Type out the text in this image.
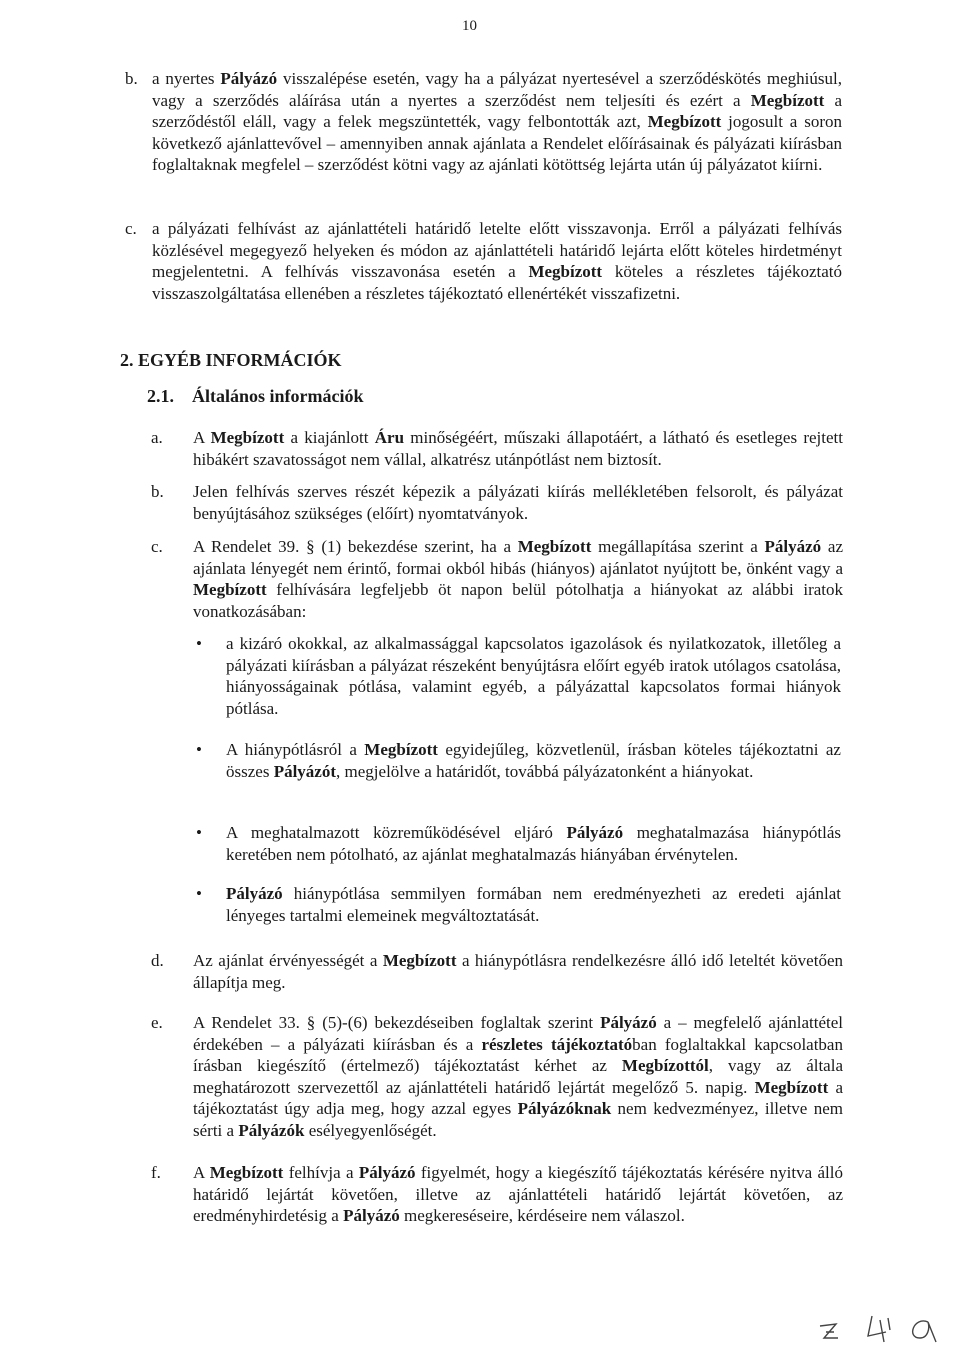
10
b. a nyertes Pályázó visszalépése esetén, vagy ha a pályázat nyertesével a szerződéskötés meghiúsul, vagy a szerződés aláírása után a nyertes a szerződést nem teljesíti és ezért a Megbízott a szerződéstől eláll, vagy a felek megszüntették, vagy felbontották azt, Megbízott jogosult a soron következő ajánlattevővel – amennyiben annak ajánlata a Rendelet előírásainak és pályázati kiírásban foglaltaknak megfelel – szerződést kötni vagy az ajánlati kötöttség lejárta után új pályázatot kiírni.
c. a pályázati felhívást az ajánlattételi határidő letelte előtt visszavonja. Erről a pályázati felhívás közlésével megegyező helyeken és módon az ajánlattételi határidő lejárta előtt köteles hirdetményt megjelentetni. A felhívás visszavonása esetén a Megbízott köteles a részletes tájékoztató visszaszolgáltatása ellenében a részletes tájékoztató ellenértékét visszafizetni.
2. EGYÉB INFORMÁCIÓK
2.1.    Általános információk
a. A Megbízott a kiajánlott Áru minőségéért, műszaki állapotáért, a látható és esetleges rejtett hibákért szavatosságot nem vállal, alkatrész utánpótlást nem biztosít.
b. Jelen felhívás szerves részét képezik a pályázati kiírás mellékletében felsorolt, és pályázat benyújtásához szükséges (előírt) nyomtatványok.
c. A Rendelet 39. § (1) bekezdése szerint, ha a Megbízott megállapítása szerint a Pályázó az ajánlata lényegét nem érintő, formai okból hibás (hiányos) ajánlatot nyújtott be, önként vagy a Megbízott felhívására legfeljebb öt napon belül pótolhatja a hiányokat az alábbi iratok vonatkozásában:
• a kizáró okokkal, az alkalmassággal kapcsolatos igazolások és nyilatkozatok, illetőleg a pályázati kiírásban a pályázat részeként benyújtásra előírt egyéb iratok utólagos csatolása, hiányosságainak pótlása, valamint egyéb, a pályázattal kapcsolatos formai hiányok pótlása.
• A hiánypótlásról a Megbízott egyidejűleg, közvetlenül, írásban köteles tájékoztatni az összes Pályázót, megjelölve a határidőt, továbbá pályázatonként a hiányokat.
• A meghatalmazott közreműködésével eljáró Pályázó meghatalmazása hiánypótlás keretében nem pótolható, az ajánlat meghatalmazás hiányában érvénytelen.
• Pályázó hiánypótlása semmilyen formában nem eredményezheti az eredeti ajánlat lényeges tartalmi elemeinek megváltoztatását.
d. Az ajánlat érvényességét a Megbízott a hiánypótlásra rendelkezésre álló idő leteltét követően állapítja meg.
e. A Rendelet 33. § (5)-(6) bekezdéseiben foglaltak szerint Pályázó a – megfelelő ajánlattétel érdekében – a pályázati kiírásban és a részletes tájékoztatóban foglaltakkal kapcsolatban írásban kiegészítő (értelmező) tájékoztatást kérhet az Megbízottól, vagy az általa meghatározott szervezettől az ajánlattételi határidő lejártát megelőző 5. napig. Megbízott a tájékoztatást úgy adja meg, hogy azzal egyes Pályázóknak nem kedvezményez, illetve nem sérti a Pályázók esélyegyenlőségét.
f. A Megbízott felhívja a Pályázó figyelmét, hogy a kiegészítő tájékoztatás kérésére nyitva álló határidő lejártát követően, illetve az ajánlattételi határidő lejártát követően, az eredményhirdetésig a Pályázó megkereséseire, kérdéseire nem válaszol.
